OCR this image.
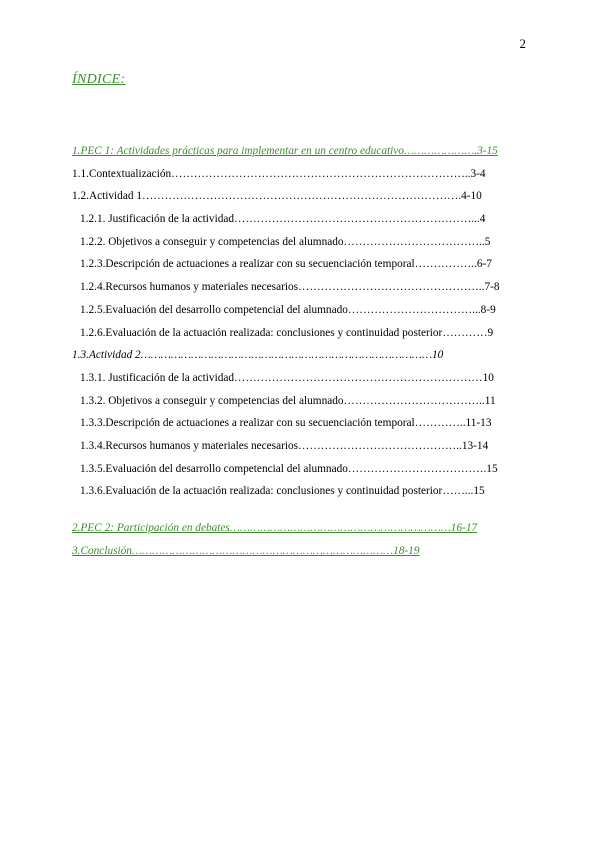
2
ÍNDICE:
1.PEC 1: Actividades prácticas para implementar en un centro educativo………………….3-15
1.1.Contextualización……………………………………………………………………..3-4
1.2.Actividad 1………………………………………………………………………….4-10
1.2.1. Justificación de la actividad………………………………………………………...4
1.2.2. Objetivos a conseguir y competencias del alumnado………………………………..5
1.2.3.Descripción de actuaciones a realizar con su secuenciación temporal……………..6-7
1.2.4.Recursos humanos y materiales necesarios…………………………………………..7-8
1.2.5.Evaluación del desarrollo competencial del alumnado……………………………...8-9
1.2.6.Evaluación de la actuación realizada: conclusiones y continuidad posterior…………9
1.3.Actividad 2……………………………………………………………………………10
1.3.1. Justificación de la actividad…………………………………………………………10
1.3.2. Objetivos a conseguir y competencias del alumnado………………………………..11
1.3.3.Descripción de actuaciones a realizar con su secuenciación temporal…………..11-13
1.3.4.Recursos humanos y materiales necesarios……………………………………..13-14
1.3.5.Evaluación del desarrollo competencial del alumnado……………………………….15
1.3.6.Evaluación de la actuación realizada: conclusiones y continuidad posterior……...15
2.PEC 2: Participación en debates…………………………………………………………16-17
3.Conclusión……………………………………………………………………18-19
